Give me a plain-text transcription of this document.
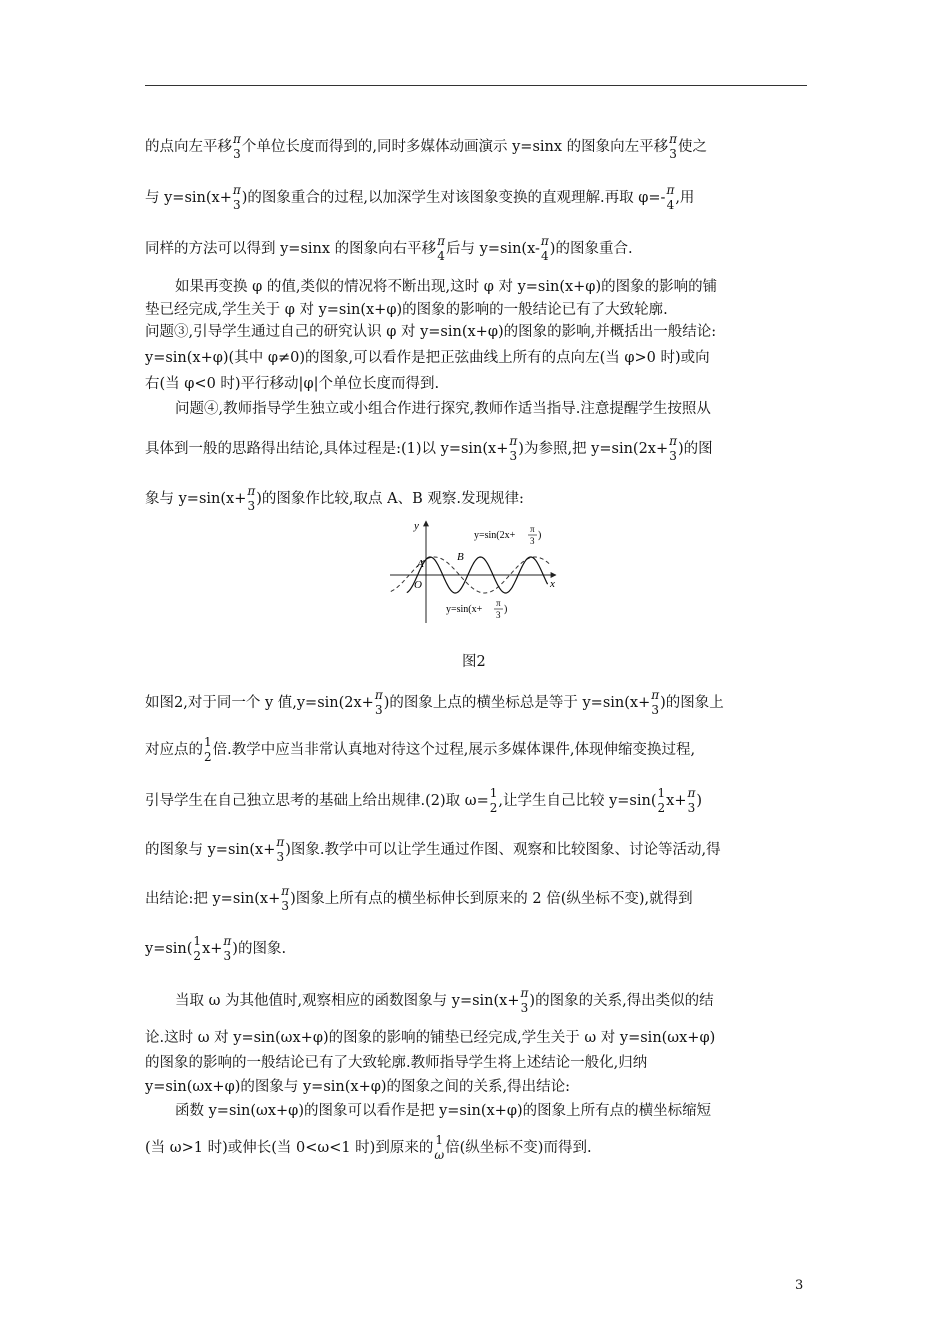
的点向左平移 π
3 个单位长度而得到的,同时多媒体动画演示 y=sinx 的图象向左平移 π
3 使之
与 y=sin(x+ π
3 )的图象重合的过程,以加深学生对该图象变换的直观理解.再取 φ=- π
4 ,用
同样的方法可以得到 y=sinx 的图象向右平移 π
4 后与 y=sin(x- π
4 )的图象重合.
如果再变换 φ 的值,类似的情况将不断出现,这时 φ 对 y=sin(x+φ)的图象的影响的铺
垫已经完成,学生关于 φ 对 y=sin(x+φ)的图象的影响的一般结论已有了大致轮廓.
问题③,引导学生通过自己的研究认识 φ 对 y=sin(x+φ)的图象的影响,并概括出一般结论:
y=sin(x+φ)(其中 φ≠0)的图象,可以看作是把正弦曲线上所有的点向左(当 φ>0 时)或向
右(当 φ<0 时)平行移动|φ|个单位长度而得到.
问题④,教师指导学生独立或小组合作进行探究,教师作适当指导.注意提醒学生按照从
具体到一般的思路得出结论,具体过程是:(1)以 y=sin(x+ π
3 )为参照,把 y=sin(2x+ π
3 )的图
象与 y=sin(x+ π
3 )的图象作比较,取点 A、B 观察.发现规律:
y
x
O
A
B
y=sin(2x+
π
3 )
y=sin(x+
π
3 )
图2
如图2,对于同一个 y 值,y=sin(2x+ π
3 )的图象上点的横坐标总是等于 y=sin(x+ π
3 )的图象上
对应点的 1
2 倍.教学中应当非常认真地对待这个过程,展示多媒体课件,体现伸缩变换过程,
引导学生在自己独立思考的基础上给出规律.(2)取 ω= 1
2 ,让学生自己比较 y=sin( 1
2 x+ π
3 )
的图象与 y=sin(x+ π
3 )图象.教学中可以让学生通过作图、观察和比较图象、讨论等活动,得
出结论:把 y=sin(x+ π
3 )图象上所有点的横坐标伸长到原来的 2 倍(纵坐标不变),就得到
y=sin( 1
2 x+ π
3 )的图象.
当取 ω 为其他值时,观察相应的函数图象与 y=sin(x+ π
3 )的图象的关系,得出类似的结
论.这时 ω 对 y=sin(ωx+φ)的图象的影响的铺垫已经完成,学生关于 ω 对 y=sin(ωx+φ)
的图象的影响的一般结论已有了大致轮廓.教师指导学生将上述结论一般化,归纳
y=sin(ωx+φ)的图象与 y=sin(x+φ)的图象之间的关系,得出结论:
函数 y=sin(ωx+φ)的图象可以看作是把 y=sin(x+φ)的图象上所有点的横坐标缩短
(当 ω>1 时)或伸长(当 0<ω<1 时)到原来的 1
ω 倍(纵坐标不变)而得到.
3
